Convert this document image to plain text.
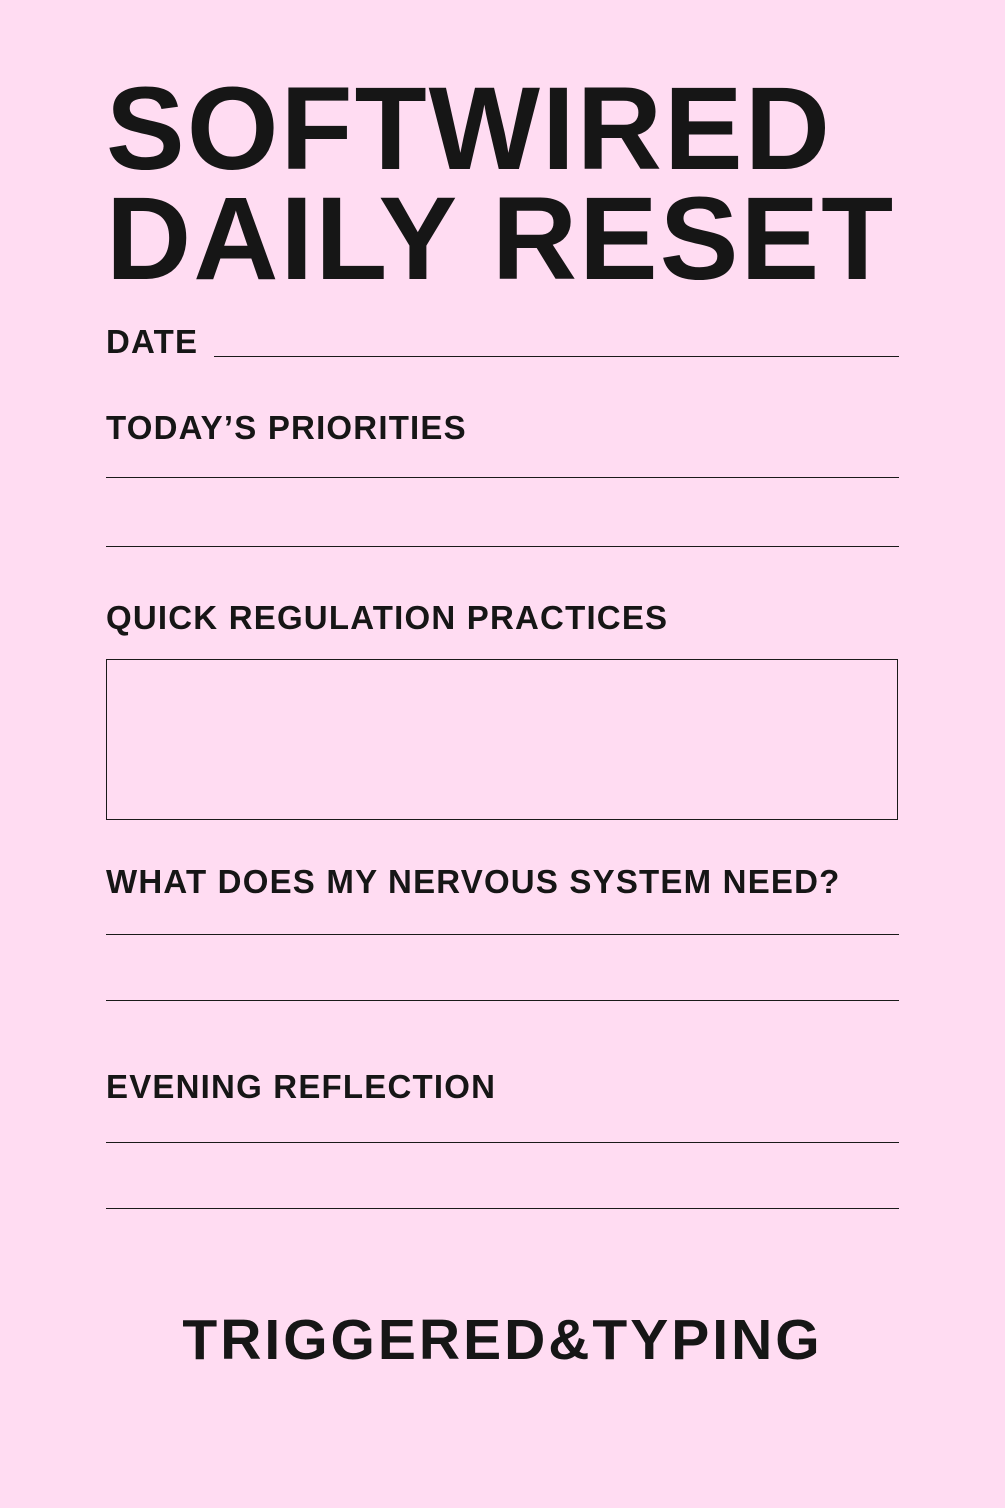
SOFTWIRED
DAILY RESET
DATE
TODAY’S PRIORITIES
QUICK REGULATION PRACTICES
WHAT DOES MY NERVOUS SYSTEM NEED?
EVENING REFLECTION
TRIGGERED&TYPING
